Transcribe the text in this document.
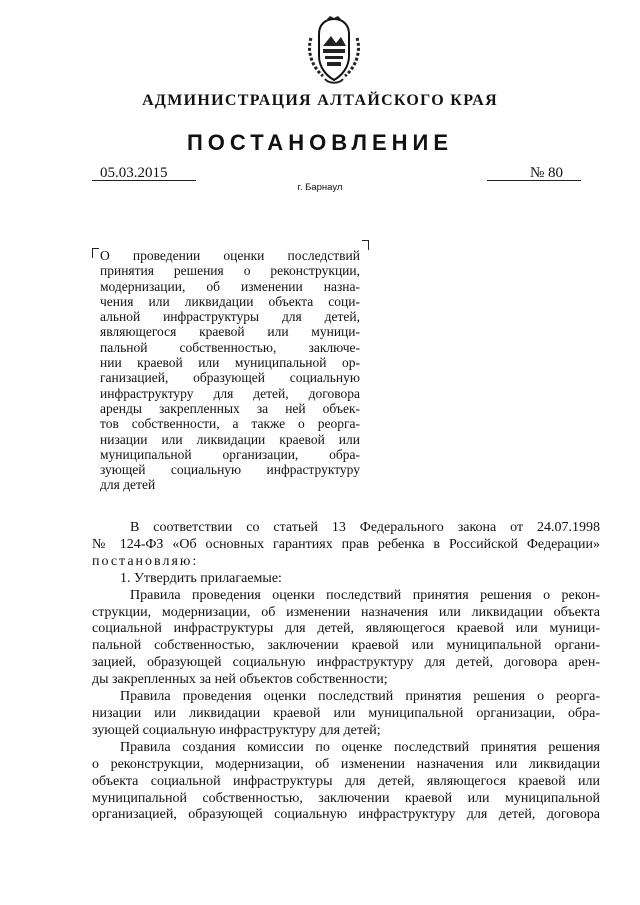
АДМИНИСТРАЦИЯ АЛТАЙСКОГО КРАЯ
ПОСТАНОВЛЕНИЕ
05.03.2015	№ 80
г. Барнаул
О проведении оценки последствий
принятия решения о реконструкции,
модернизации, об изменении назна-
чения или ликвидации объекта соци-
альной инфраструктуры для детей,
являющегося краевой или муници-
пальной собственностью, заключе-
нии краевой или муниципальной ор-
ганизацией, образующей социальную
инфраструктуру для детей, договора
аренды закрепленных за ней объек-
тов собственности, а также о реорга-
низации или ликвидации краевой или
муниципальной организации, обра-
зующей социальную инфраструктуру
для детей
В соответствии со статьей 13 Федерального закона от 24.07.1998
№ 124-ФЗ «Об основных гарантиях прав ребенка в Российской Федерации»
постановляю:
1. Утвердить прилагаемые:
Правила проведения оценки последствий принятия решения о рекон-
струкции, модернизации, об изменении назначения или ликвидации объекта
социальной инфраструктуры для детей, являющегося краевой или муници-
пальной собственностью, заключении краевой или муниципальной органи-
зацией, образующей социальную инфраструктуру для детей, договора арен-
ды закрепленных за ней объектов собственности;
Правила проведения оценки последствий принятия решения о реорга-
низации или ликвидации краевой или муниципальной организации, обра-
зующей социальную инфраструктуру для детей;
Правила создания комиссии по оценке последствий принятия решения
о реконструкции, модернизации, об изменении назначения или ликвидации
объекта социальной инфраструктуры для детей, являющегося краевой или
муниципальной собственностью, заключении краевой или муниципальной
организацией, образующей социальную инфраструктуру для детей, договора
